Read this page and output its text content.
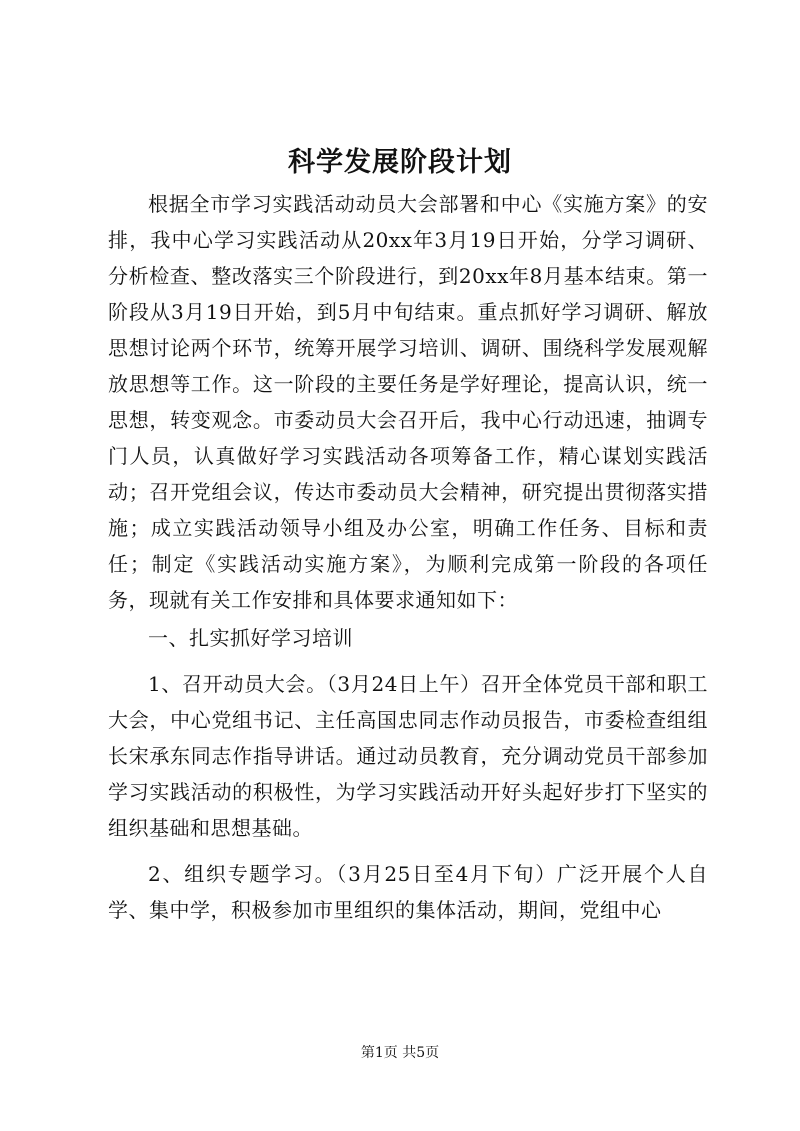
科学发展阶段计划

根据全市学习实践活动动员大会部署和中心《实施方案》的安排，我中心学习实践活动从20xx年3月19日开始，分学习调研、分析检查、整改落实三个阶段进行，到20xx年8月基本结束。第一阶段从3月19日开始，到5月中旬结束。重点抓好学习调研、解放思想讨论两个环节，统筹开展学习培训、调研、围绕科学发展观解放思想等工作。这一阶段的主要任务是学好理论，提高认识，统一思想，转变观念。市委动员大会召开后，我中心行动迅速，抽调专门人员，认真做好学习实践活动各项筹备工作，精心谋划实践活动；召开党组会议，传达市委动员大会精神，研究提出贯彻落实措施；成立实践活动领导小组及办公室，明确工作任务、目标和责任；制定《实践活动实施方案》，为顺利完成第一阶段的各项任务，现就有关工作安排和具体要求通知如下：

一、扎实抓好学习培训

1、召开动员大会。（3月24日上午）召开全体党员干部和职工大会，中心党组书记、主任高国忠同志作动员报告，市委检查组组长宋承东同志作指导讲话。通过动员教育，充分调动党员干部参加学习实践活动的积极性，为学习实践活动开好头起好步打下坚实的组织基础和思想基础。

2、组织专题学习。（3月25日至4月下旬）广泛开展个人自学、集中学，积极参加市里组织的集体活动，期间，党组中心

第1页 共5页
